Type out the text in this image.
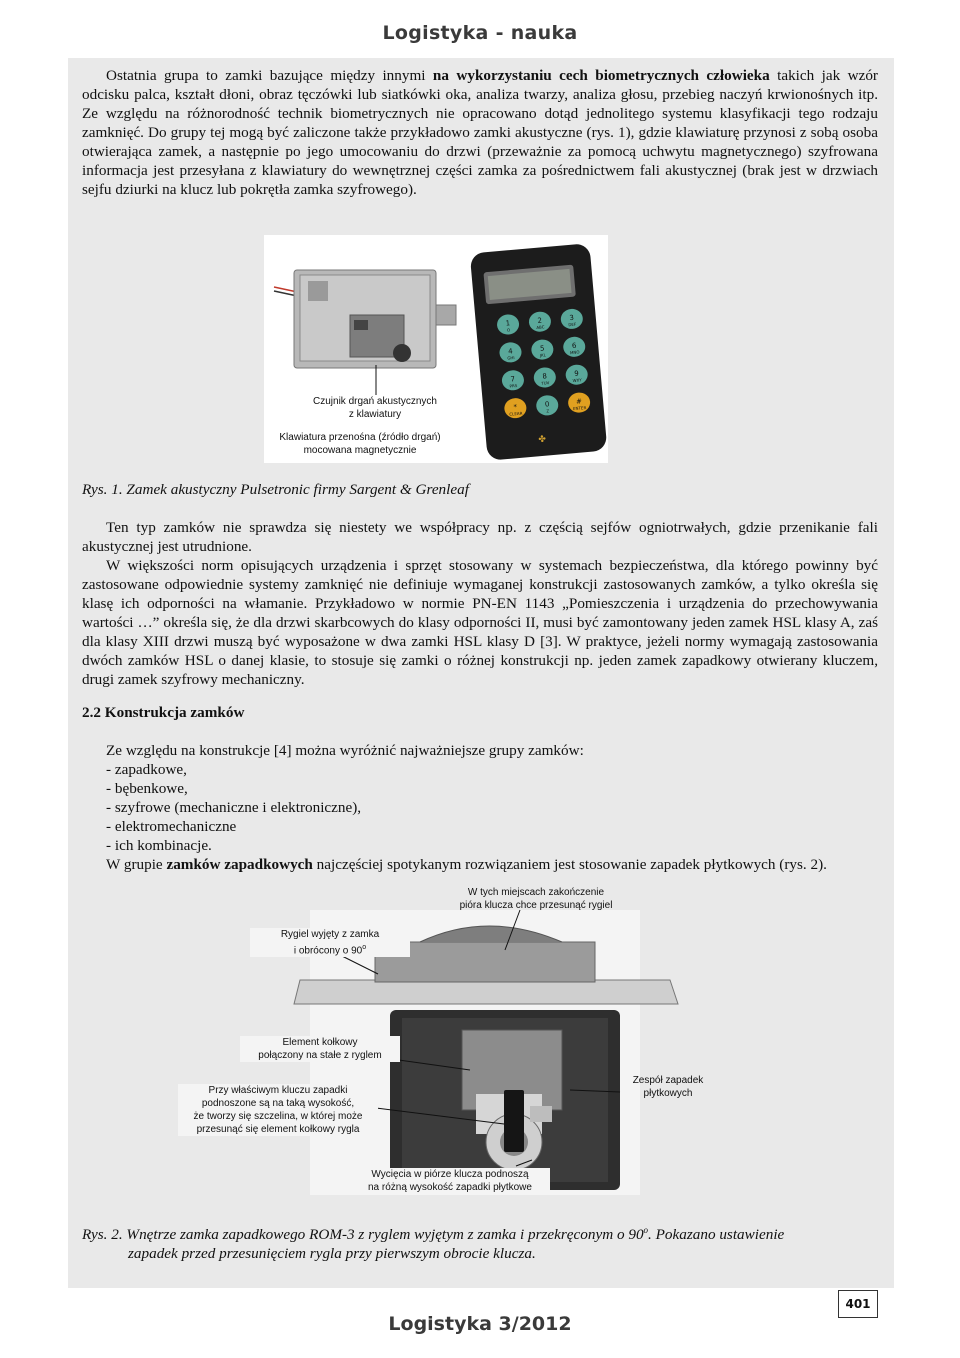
Logistyka - nauka
Ostatnia grupa to zamki bazujące między innymi na wykorzystaniu cech biometrycznych człowieka takich jak wzór odcisku palca, kształt dłoni, obraz tęczówki lub siatkówki oka, analiza twarzy, analiza głosu, przebieg naczyń krwionośnych itp. Ze względu na różnorodność technik biometrycznych nie opracowano dotąd jednolitego systemu klasyfikacji tego rodzaju zamknięć. Do grupy tej mogą być zaliczone także przykładowo zamki akustyczne (rys. 1), gdzie klawiaturę przynosi z sobą osoba otwierająca zamek, a następnie po jego umocowaniu do drzwi (przeważnie za pomocą uchwytu magnetycznego) szyfrowana informacja jest przesyłana z klawiatury do wewnętrznej części zamka za pośrednictwem fali akustycznej (brak jest w drzwiach sejfu dziurki na klucz lub pokrętła zamka szyfrowego).
1
O
2
ABC
3
DEF
4
GHI
5
JKL
6
MNO
7
PRS
8
TUV
9
WXY
*
CLEAR
0
Z
#
ENTER
✤
Czujnik drgań akustycznych
z klawiatury
Klawiatura przenośna (źródło drgań)
mocowana magnetycznie
Rys. 1. Zamek akustyczny Pulsetronic firmy Sargent & Grenleaf
Ten typ zamków nie sprawdza się niestety we współpracy np. z częścią sejfów ogniotrwałych, gdzie przenikanie fali akustycznej jest utrudnione.
W większości norm opisujących urządzenia i sprzęt stosowany w systemach bezpieczeństwa, dla którego powinny być zastosowane odpowiednie systemy zamknięć nie definiuje wymaganej konstrukcji zastosowanych zamków, a tylko określa się klasę ich odporności na włamanie. Przykładowo w normie PN-EN 1143 „Pomieszczenia i urządzenia do przechowywania wartości …” określa się, że dla drzwi skarbcowych do klasy odporności II, musi być zamontowany jeden zamek HSL klasy A, zaś dla klasy XIII drzwi muszą być wyposażone w dwa zamki HSL klasy D [3]. W praktyce, jeżeli normy wymagają zastosowania dwóch zamków HSL o danej klasie, to stosuje się zamki o różnej konstrukcji np. jeden zamek zapadkowy otwierany kluczem, drugi zamek szyfrowy mechaniczny.
2.2 Konstrukcja zamków
Ze względu na konstrukcje [4] można wyróżnić najważniejsze grupy zamków:
- zapadkowe,
- bębenkowe,
- szyfrowe (mechaniczne i elektroniczne),
- elektromechaniczne
- ich kombinacje.
W grupie zamków zapadkowych najczęściej spotykanym rozwiązaniem jest stosowanie zapadek płytkowych (rys. 2).
W tych miejscach zakończenie
pióra klucza chce przesunąć rygiel
Rygiel wyjęty z zamka
i obrócony o 90$^o$
Element kołkowy
połączony na stałe z ryglem
Przy właściwym kluczu zapadki
podnoszone są na taką wysokość,
że tworzy się szczelina, w której może
przesunąć się element kołkowy rygla
Zespół zapadek
płytkowych
Wycięcia w piórze klucza podnoszą
na różną wysokość zapadki płytkowe
Rys. 2. Wnętrze zamka zapadkowego ROM-3 z ryglem wyjętym z zamka i przekręconym o 90$^o$. Pokazano ustawienie
zapadek przed przesunięciem rygla przy pierwszym obrocie klucza.
401
Logistyka 3/2012
